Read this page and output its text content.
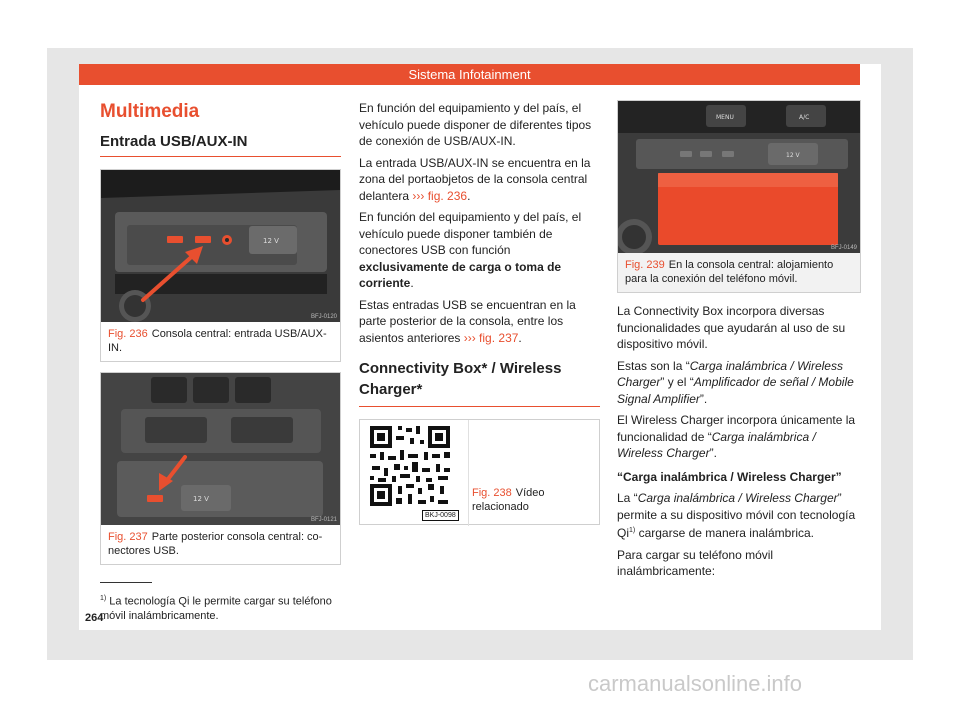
Sistema Infotainment
Multimedia
Entrada USB/AUX-IN
12 V
BFJ-0120
Fig. 236 Consola central: entrada USB/AUX-IN.
12 V
BFJ-0121
Fig. 237 Parte posterior consola central: co-nectores USB.

En función del equipamiento y del país, el vehículo puede disponer de diferentes tipos de conexión de USB/AUX-IN.

La entrada USB/AUX-IN se encuentra en la zona del portaobjetos de la consola central delantera ››› fig. 236.

En función del equipamiento y del país, el vehículo puede disponer también de conectores USB con función exclusivamente de carga o toma de corriente.

Estas entradas USB se encuentran en la parte posterior de la consola, entre los asientos anteriores ››› fig. 237.

Connectivity Box* / Wireless Charger*
BKJ-0098
Fig. 238 Vídeo relacionado
MENU	A/C
12 V
BFJ-0149
Fig. 239 En la consola central: alojamiento para la conexión del teléfono móvil.

La Connectivity Box incorpora diversas funcionalidades que ayudarán al uso de su dispositivo móvil.

Estas son la “Carga inalámbrica / Wireless Charger” y el “Amplificador de señal / Mobile Signal Amplifier”.

El Wireless Charger incorpora únicamente la funcionalidad de “Carga inalámbrica / Wireless Charger”.

“Carga inalámbrica / Wireless Charger”

La “Carga inalámbrica / Wireless Charger” permite a su dispositivo móvil con tecnología Qi$^{1)}$ cargarse de manera inalámbrica.

Para cargar su teléfono móvil inalámbricamente:

$^{1)}$ La tecnología Qi le permite cargar su teléfono móvil inalámbricamente.
264
carmanualsonline.info
